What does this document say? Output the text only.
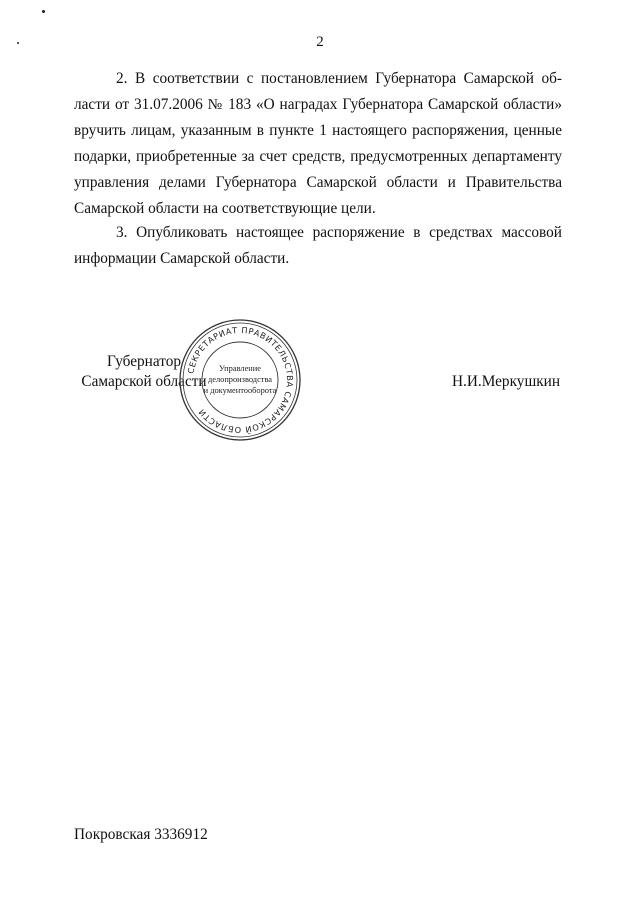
2
2. В соответствии с постановлением Губернатора Самарской об-
ласти от 31.07.2006 № 183 «О наградах Губернатора Самарской области»
вручить лицам, указанным в пункте 1 настоящего распоряжения, ценные
подарки, приобретенные за счет средств, предусмотренных департаменту
управления делами Губернатора Самарской области и Правительства
Самарской области на соответствующие цели.
3. Опубликовать настоящее распоряжение в средствах массовой
информации Самарской области.
Губернатор
Самарской области
СЕКРЕТАРИАТ ПРАВИТЕЛЬСТВА САМАРСКОЙ ОБЛАСТИ
Управление
делопроизводства
и документооборота
Н.И.Меркушкин
Покровская 3336912
